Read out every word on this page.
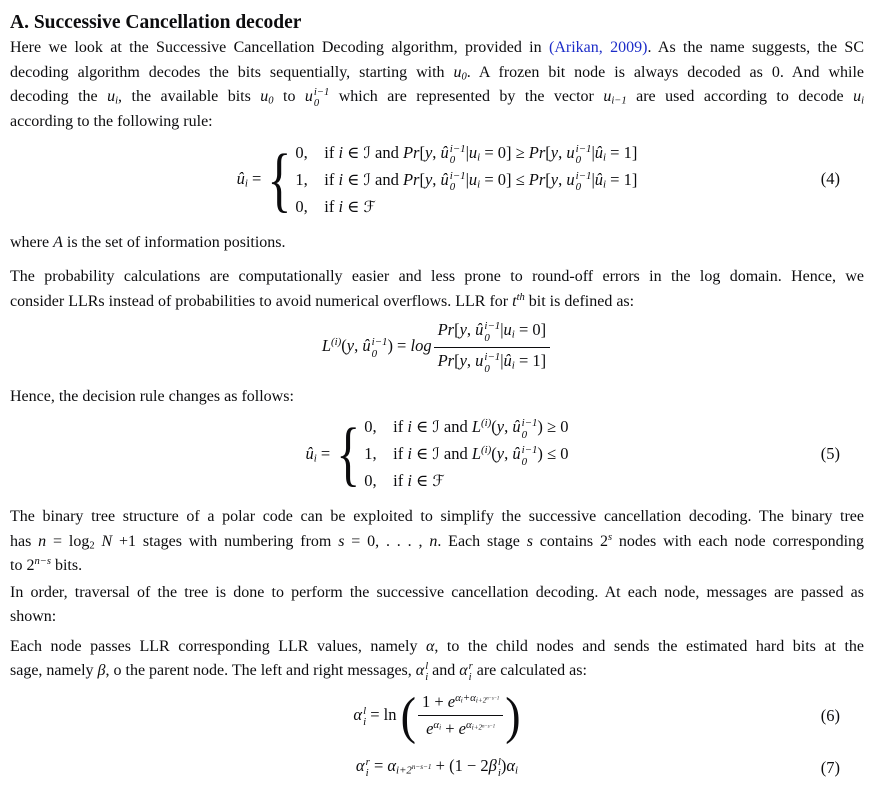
A. Successive Cancellation decoder
Here we look at the Successive Cancellation Decoding algorithm, provided in (Arikan, 2009). As the name suggests, the SC
decoding algorithm decodes the bits sequentially, starting with $u_0$. A frozen bit node is always decoded as 0. And while
decoding the $u_i$, the available bits $u_0$ to u i−1
0 which are represented by the vector $u_{i-1}$ are used according to decode $u_i$
according to the following rule:
$û_i$ = { 0, if i ∈ ℐ and Pr[y, û i−1
0 $|u_i = 0] \ge Pr[y$, u i−1
0 $|û_i = 1$]
1, if i ∈ ℐ and Pr[y, û i−1
0 $|u_i = 0] \le Pr[y$, u i−1
0 $|û_i = 1$]
0, if i ∈ ℱ
(4)
where A is the set of information positions.
The probability calculations are computationally easier and less prone to round-off errors in the log domain. Hence, we
consider LLRs instead of probabilities to avoid numerical overflows. LLR for $t^{th}$ bit is defined as:
$L^{(i)}(y$, û i−1
0 ) = log Pr[y, û i−1
0 $|u_i = 0$]
Pr[y, u i−1
0 $|û_i = 1$]
Hence, the decision rule changes as follows:
$û_i$ = { 0, if i ∈ ℐ and $L^{(i)}(y$, û i−1
0 ) ≥ 0
1, if i ∈ ℐ and $L^{(i)}(y$, û i−1
0 ) ≤ 0
0, if i ∈ ℱ
(5)
The binary tree structure of a polar code can be exploited to simplify the successive cancellation decoding. The binary tree
has $n = \log_2 N +1$ stages with numbering from s = 0, . . . , n. Each stage s contains 2$^s$ nodes with each node corresponding
to $2^{n-s}$ bits.
In order, traversal of the tree is done to perform the successive cancellation decoding. At each node, messages are passed as
shown:
Each node passes LLR corresponding LLR values, namely α, to the child nodes and sends the estimated hard bits at the
sage, namely β, o the parent node. The left and right messages, α l
i and α r
i are calculated as:
α l
i = ln ( $\frac{1 + e^{\alpha_i+\alpha_{i+2^{n-s-1}}}}{e^{\alpha_i} + e^{\alpha_{i+2^{n-s-1}}}}$ )	(6)
α r
$i = \alpha_{i+2^{n-s-1}} + (1 - 2\beta$ l
i )$\alpha_i$	(7)
